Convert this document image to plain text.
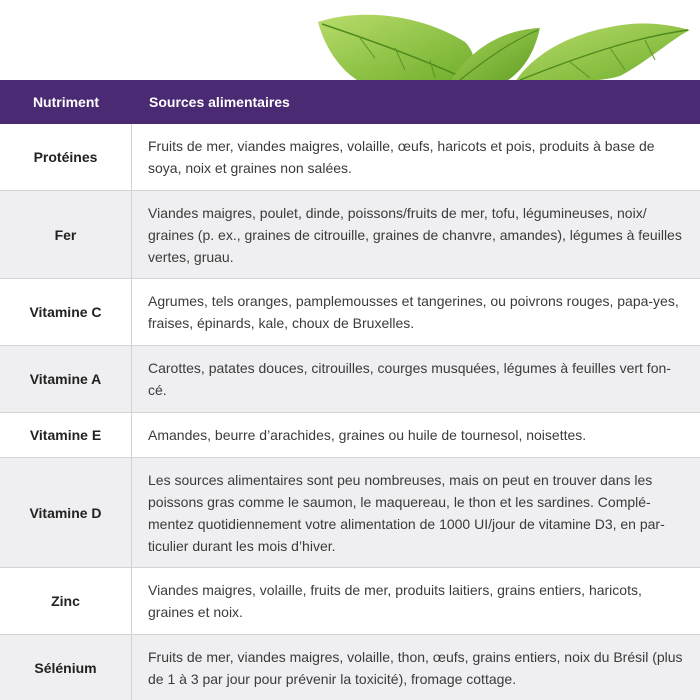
Nutriment	Sources alimentaires
Protéines
Fruits de mer, viandes maigres, volaille, œufs, haricots et pois, produits à base de soya, noix et graines non salées.
Fer
Viandes maigres, poulet, dinde, poissons/fruits de mer, tofu, légumineuses, noix/ graines (p. ex., graines de citrouille, graines de chanvre, amandes), légumes à feuilles vertes, gruau.
Vitamine C
Agrumes, tels oranges, pamplemousses et tangerines, ou poivrons rouges, papa-yes, fraises, épinards, kale, choux de Bruxelles.
Vitamine A
Carottes, patates douces, citrouilles, courges musquées, légumes à feuilles vert fon-cé.
Vitamine E	Amandes, beurre d’arachides, graines ou huile de tournesol, noisettes.
Vitamine D
Les sources alimentaires sont peu nombreuses, mais on peut en trouver dans les poissons gras comme le saumon, le maquereau, le thon et les sardines. Complé-mentez quotidiennement votre alimentation de 1000 UI/jour de vitamine D3, en par-ticulier durant les mois d’hiver.
Zinc
Viandes maigres, volaille, fruits de mer, produits laitiers, grains entiers, haricots, graines et noix.
Sélénium
Fruits de mer, viandes maigres, volaille, thon, œufs, grains entiers, noix du Brésil (plus de 1 à 3 par jour pour prévenir la toxicité), fromage cottage.
